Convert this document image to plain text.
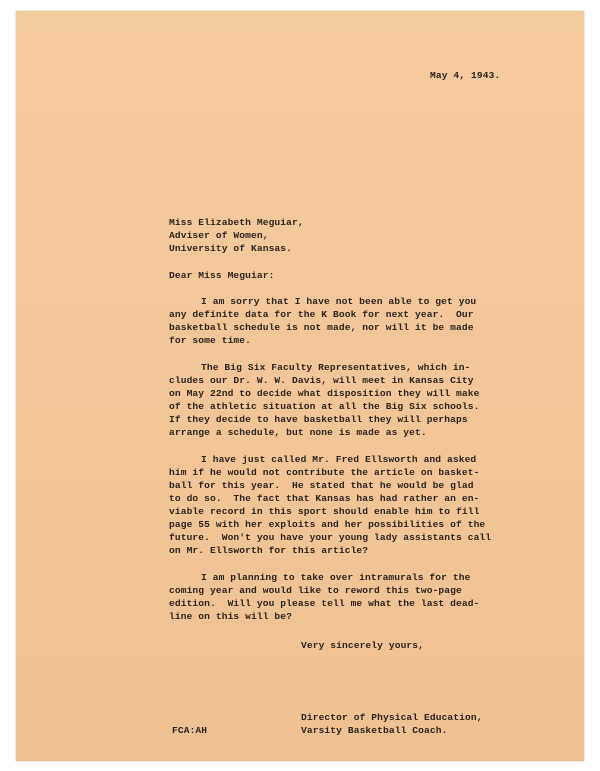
May 4, 1943.
Miss Elizabeth Meguiar,
Adviser of Women,
University of Kansas.
Dear Miss Meguiar:
I am sorry that I have not been able to get you
any definite data for the K Book for next year.  Our
basketball schedule is not made, nor will it be made
for some time.
The Big Six Faculty Representatives, which in-
cludes our Dr. W. W. Davis, will meet in Kansas City
on May 22nd to decide what disposition they will make
of the athletic situation at all the Big Six schools.
If they decide to have basketball they will perhaps
arrange a schedule, but none is made as yet.
I have just called Mr. Fred Ellsworth and asked
him if he would not contribute the article on basket-
ball for this year.  He stated that he would be glad
to do so.  The fact that Kansas has had rather an en-
viable record in this sport should enable him to fill
page 55 with her exploits and her possibilities of the
future.  Won't you have your young lady assistants call
on Mr. Ellsworth for this article?
I am planning to take over intramurals for the
coming year and would like to reword this two-page
edition.  Will you please tell me what the last dead-
line on this will be?
Very sincerely yours,
Director of Physical Education,
FCA:AH	Varsity Basketball Coach.
